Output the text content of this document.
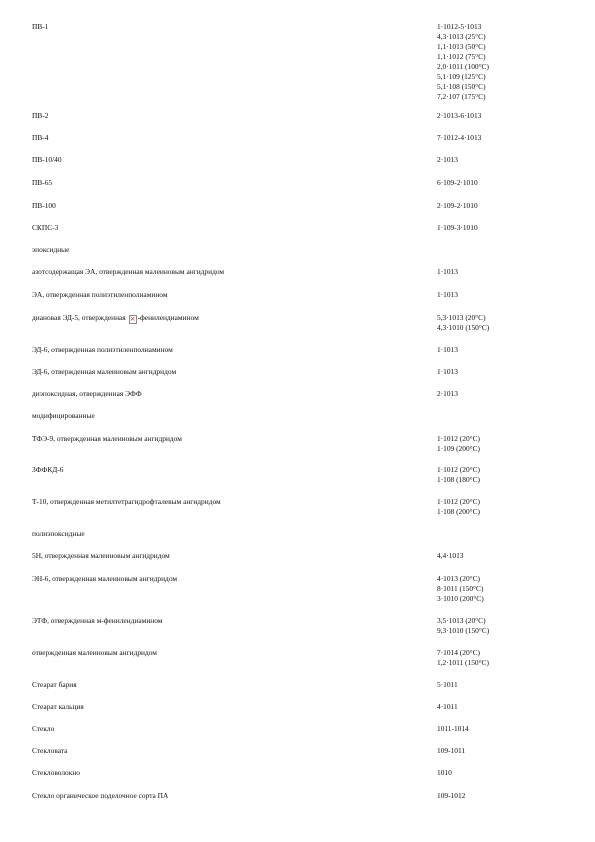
ПВ-1	1·1012-5·1013
4,3·1013 (25°С)
1,1·1013 (50°С)
1,1·1012 (75°С)
2,0·1011 (100°С)
5,1·109 (125°С)
5,1·108 (150°С)
7,2·107 (175°С)
ПВ-2	2·1013-6·1013
ПВ-4	7·1012-4·1013
ПВ-10/40	2·1013
ПВ-65	6·109-2·1010
ПВ-100	2·109-2·1010
СКПС-3	1·109-3·1010
эпоксидные
азотсодержащая ЭА, отвержденная малеиновым ангидридом	1·1013
ЭА, отвержденная полиэтиленполиамином	1·1013
диановая ЭД-5, отвержденная × -фенилендиамином	5,3·1013 (20°С)
4,3·1010 (150°С)
ЭД-6, отвержденная полиэтиленполиамином	1·1013
ЭД-6, отвержденная малеиновым ангидридом	1·1013
диэпоксидная, отвержденная ЭФФ	2·1013
модифицированные
ТФЭ-9, отвержденная малеиновым ангидридом	1·1012 (20°С)
1·109 (200°С)
3ФФКД-6	1·1012 (20°С)
1·108 (180°С)
Т-10, отвержденная метилтетрагидрофталевым ангидридом	1·1012 (20°С)
1·108 (200°С)
полиэпоксидные
5Н, отвержденная малеиновым ангидридом	4,4·1013
ЭН-6, отвержденная малеиновым ангидридом	4·1013 (20°С)
8·1011 (150°С)
3·1010 (200°С)
ЭТФ, отвержденная м-фенилендиамином	3,5·1013 (20°С)
9,3·1010 (150°С)
отвержденная малеиновым ангидридом	7·1014 (20°С)
1,2·1011 (150°С)
Стеарат бария	5·1011
Стеарат кальция	4·1011
Стекло	1011-1014
Стекловата	109-1011
Стекловолокно	1010
Стекло органическое поделочное сорта ПА	109-1012
